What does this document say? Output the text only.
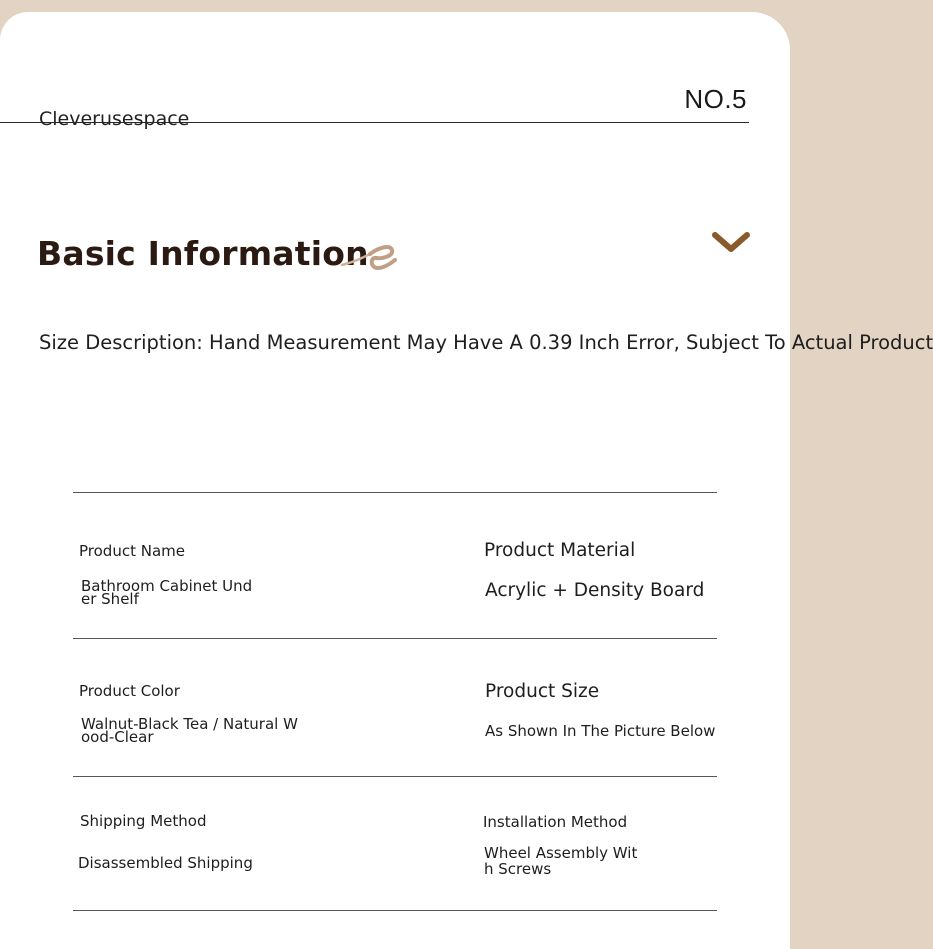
NO.5
Cleverusespace
Basic Information
Size Description: Hand Measurement May Have A 0.39 Inch Error, Subject To Actual Product
Product Name
Bathroom Cabinet Und
er Shelf
Product Material
Acrylic + Density Board
Product Color
Walnut-Black Tea / Natural W
ood-Clear
Product Size
As Shown In The Picture Below
Shipping Method
Disassembled Shipping
Installation Method
Wheel Assembly Wit
h Screws
